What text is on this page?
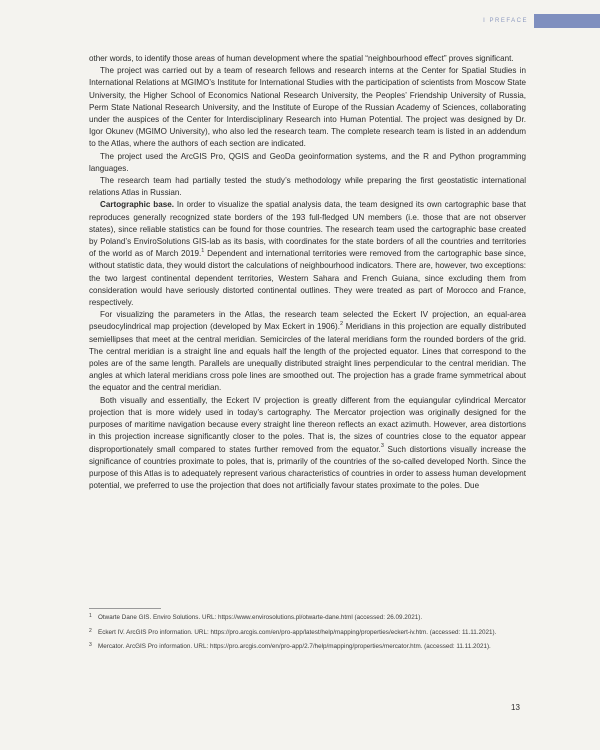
I PREFACE

other words, to identify those areas of human development where the spatial “neighbourhood effect” proves significant.

The project was carried out by a team of research fellows and research interns at the Center for Spatial Studies in International Relations at MGIMO’s Institute for International Studies with the participation of scientists from Moscow State University, the Higher School of Economics National Research University, the Peoples’ Friendship University of Russia, Perm State National Research University, and the Institute of Europe of the Russian Academy of Sciences, collaborating under the auspices of the Center for Interdisciplinary Research into Human Potential. The project was designed by Dr. Igor Okunev (MGIMO University), who also led the research team. The complete research team is listed in an addendum to the Atlas, where the authors of each section are indicated.

The project used the ArcGIS Pro, QGIS and GeoDa geoinformation systems, and the R and Python programming languages.

The research team had partially tested the study’s methodology while preparing the first geostatistic international relations Atlas in Russian.

Cartographic base. In order to visualize the spatial analysis data, the team designed its own cartographic base that reproduces generally recognized state borders of the 193 full-fledged UN members (i.e. those that are not observer states), since reliable statistics can be found for those countries. The research team used the cartographic base created by Poland’s EnviroSolutions GIS-lab as its basis, with coordinates for the state borders of all the countries and territories of the world as of March 2019.$^1$ Dependent and international territories were removed from the cartographic base since, without statistic data, they would distort the calculations of neighbourhood indicators. There are, however, two exceptions: the two largest continental dependent territories, Western Sahara and French Guiana, since excluding them from consideration would have seriously distorted continental outlines. They were treated as part of Morocco and France, respectively.

For visualizing the parameters in the Atlas, the research team selected the Eckert IV projection, an equal-area pseudocylindrical map projection (developed by Max Eckert in 1906).$^2$ Meridians in this projection are equally distributed semiellipses that meet at the central meridian. Semicircles of the lateral meridians form the rounded borders of the grid. The central meridian is a straight line and equals half the length of the projected equator. Lines that correspond to the poles are of the same length. Parallels are unequally distributed straight lines perpendicular to the central meridian. The angles at which lateral meridians cross pole lines are smoothed out. The projection has a grade frame symmetrical about the equator and the central meridian.

Both visually and essentially, the Eckert IV projection is greatly different from the equiangular cylindrical Mercator projection that is more widely used in today’s cartography. The Mercator projection was originally designed for the purposes of maritime navigation because every straight line thereon reflects an exact azimuth. However, area distortions in this projection increase significantly closer to the poles. That is, the sizes of countries close to the equator appear disproportionately small compared to states further removed from the equator.$^3$ Such distortions visually increase the significance of countries proximate to poles, that is, primarily of the countries of the so-called developed North. Since the purpose of this Atlas is to adequately represent various characteristics of countries in order to assess human development potential, we preferred to use the projection that does not artificially favour states proximate to the poles. Due

1 Otwarte Dane GIS. Enviro Solutions. URL: https://www.envirosolutions.pl/otwarte-dane.html (accessed: 26.09.2021).
2 Eckert IV. ArcGIS Pro information. URL: https://pro.arcgis.com/en/pro-app/latest/help/mapping/properties/eckert-iv.htm. (accessed: 11.11.2021).
3 Mercator. ArcGIS Pro information. URL: https://pro.arcgis.com/en/pro-app/2.7/help/mapping/properties/mercator.htm. (accessed: 11.11.2021).
13
